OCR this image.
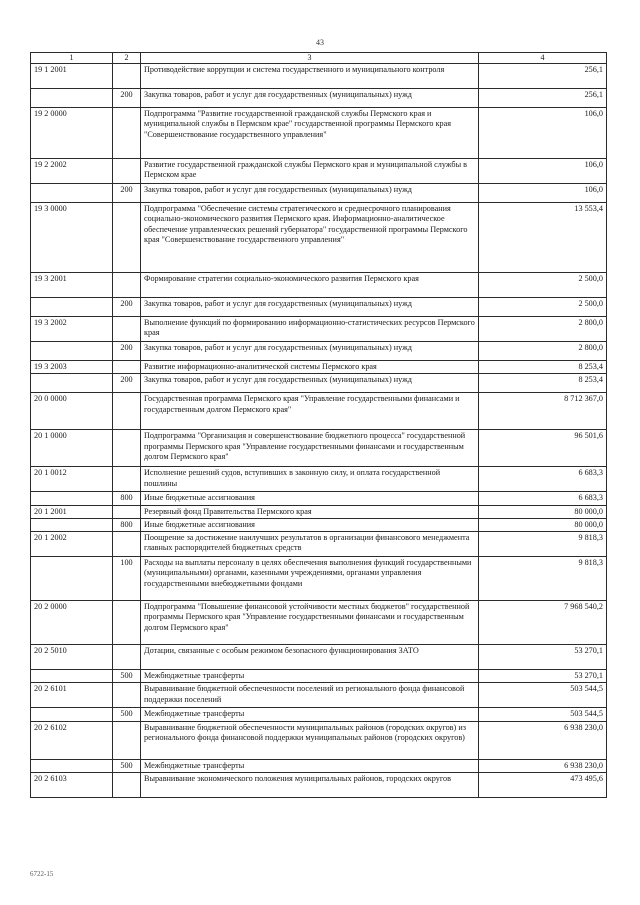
43
1	2	3	4
19 1 2001		Противодействие коррупции и система государственного и муниципального контроля	256,1
	200	Закупка товаров, работ и услуг для государственных (муниципальных) нужд	256,1
19 2 0000		Подпрограмма "Развитие государственной гражданской службы Пермского края и муниципальной службы в Пермском крае" государственной программы Пермского края "Совершенствование государственного управления"	106,0
19 2 2002		Развитие государственной гражданской службы Пермского края и муниципальной службы в Пермском крае	106,0
	200	Закупка товаров, работ и услуг для государственных (муниципальных) нужд	106,0
19 3 0000		Подпрограмма "Обеспечение системы стратегического и среднесрочного планирования социально-экономического развития Пермского края. Информационно-аналитическое обеспечение управленческих решений губернатора" государственной программы Пермского края "Совершенствование государственного управления"	13 553,4
19 3 2001		Формирование стратегии социально-экономического развития Пермского края	2 500,0
	200	Закупка товаров, работ и услуг для государственных (муниципальных) нужд	2 500,0
19 3 2002		Выполнение функций по формированию информационно-статистических ресурсов Пермского края	2 800,0
	200	Закупка товаров, работ и услуг для государственных (муниципальных) нужд	2 800,0
19 3 2003		Развитие информационно-аналитической системы Пермского края	8 253,4
	200	Закупка товаров, работ и услуг для государственных (муниципальных) нужд	8 253,4
20 0 0000		Государственная программа Пермского края "Управление государственными финансами и государственным долгом Пермского края"	8 712 367,0
20 1 0000		Подпрограмма "Организация и совершенствование бюджетного процесса" государственной программы Пермского края "Управление государственными финансами и государственным долгом Пермского края"	96 501,6
20 1 0012		Исполнение решений судов, вступивших в законную силу, и оплата государственной пошлины	6 683,3
	800	Иные бюджетные ассигнования	6 683,3
20 1 2001		Резервный фонд Правительства Пермского края	80 000,0
	800	Иные бюджетные ассигнования	80 000,0
20 1 2002		Поощрение за достижение наилучших результатов в организации финансового менеджмента главных распорядителей бюджетных средств	9 818,3
	100	Расходы на выплаты персоналу в целях обеспечения выполнения функций государственными (муниципальными) органами, казенными учреждениями, органами управления государственными внебюджетными фондами	9 818,3
20 2 0000		Подпрограмма "Повышение финансовой устойчивости местных бюджетов" государственной программы Пермского края "Управление государственными финансами и государственным долгом Пермского края"	7 968 540,2
20 2 5010		Дотации, связанные с особым режимом безопасного функционирования ЗАТО	53 270,1
	500	Межбюджетные трансферты	53 270,1
20 2 6101		Выравнивание бюджетной обеспеченности поселений из регионального фонда финансовой поддержки поселений	503 544,5
	500	Межбюджетные трансферты	503 544,5
20 2 6102		Выравнивание бюджетной обеспеченности муниципальных районов (городских округов) из регионального фонда финансовой поддержки муниципальных районов (городских округов)	6 938 230,0
	500	Межбюджетные трансферты	6 938 230,0
20 2 6103		Выравнивание экономического положения муниципальных районов, городских округов	473 495,6
6722-15
